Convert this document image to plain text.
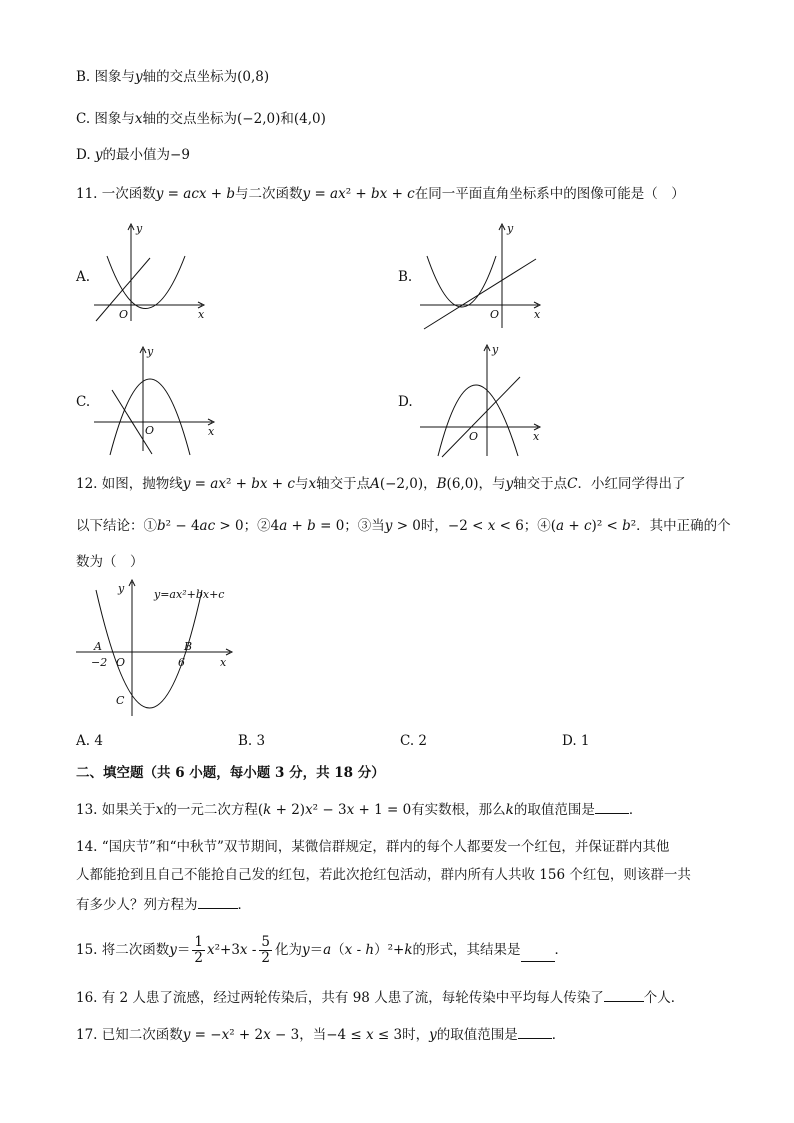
B. 图象与𝑦轴的交点坐标为(0,8)
C. 图象与𝑥轴的交点坐标为(−2,0)和(4,0)
D. 𝑦的最小值为−9
11. 一次函数𝑦 = 𝑎𝑐𝑥 + 𝑏与二次函数𝑦 = 𝑎𝑥² + 𝑏𝑥 + 𝑐在同一平面直角坐标系中的图像可能是（　）
A.
O	x
y
B.
O	x
y
C.
O	x
y
D.
O	x
y
12. 如图，抛物线𝑦 = 𝑎𝑥² + 𝑏𝑥 + 𝑐与𝑥轴交于点𝐴(−2,0)，𝐵(6,0)，与𝑦轴交于点𝐶．小红同学得出了
以下结论：①𝑏² − 4𝑎𝑐 > 0；②4𝑎 + 𝑏 = 0；③当𝑦 > 0时，−2 < 𝑥 < 6；④(𝑎 + 𝑐)² < 𝑏²．其中正确的个
数为（　）
y=ax²+bx+c
A	B
C
O
−2	6	x
y
A. 4	B. 3	C. 2	D. 1
二、填空题（共 6 小题，每小题 3 分，共 18 分）
13. 如果关于𝑥的一元二次方程(𝑘 + 2)𝑥² − 3𝑥 + 1 = 0有实数根，那么𝑘的取值范围是	．
14. “国庆节”和“中秋节”双节期间，某微信群规定，群内的每个人都要发一个红包，并保证群内其他
人都能抢到且自己不能抢自己发的红包，若此次抢红包活动，群内所有人共收 156 个红包，则该群一共
有多少人？列方程为	．
15. 将二次函数𝑦＝ $\frac{1}{2}$ 𝑥²+3𝑥 - $\frac{5}{2}$ 化为𝑦＝𝑎（𝑥 - ℎ）²+𝑘的形式，其结果是	．
16. 有 2 人患了流感，经过两轮传染后，共有 98 人患了流，每轮传染中平均每人传染了	个人．
17. 已知二次函数𝑦 = −𝑥² + 2𝑥 − 3，当−4 ≤ 𝑥 ≤ 3时，𝑦的取值范围是	．
